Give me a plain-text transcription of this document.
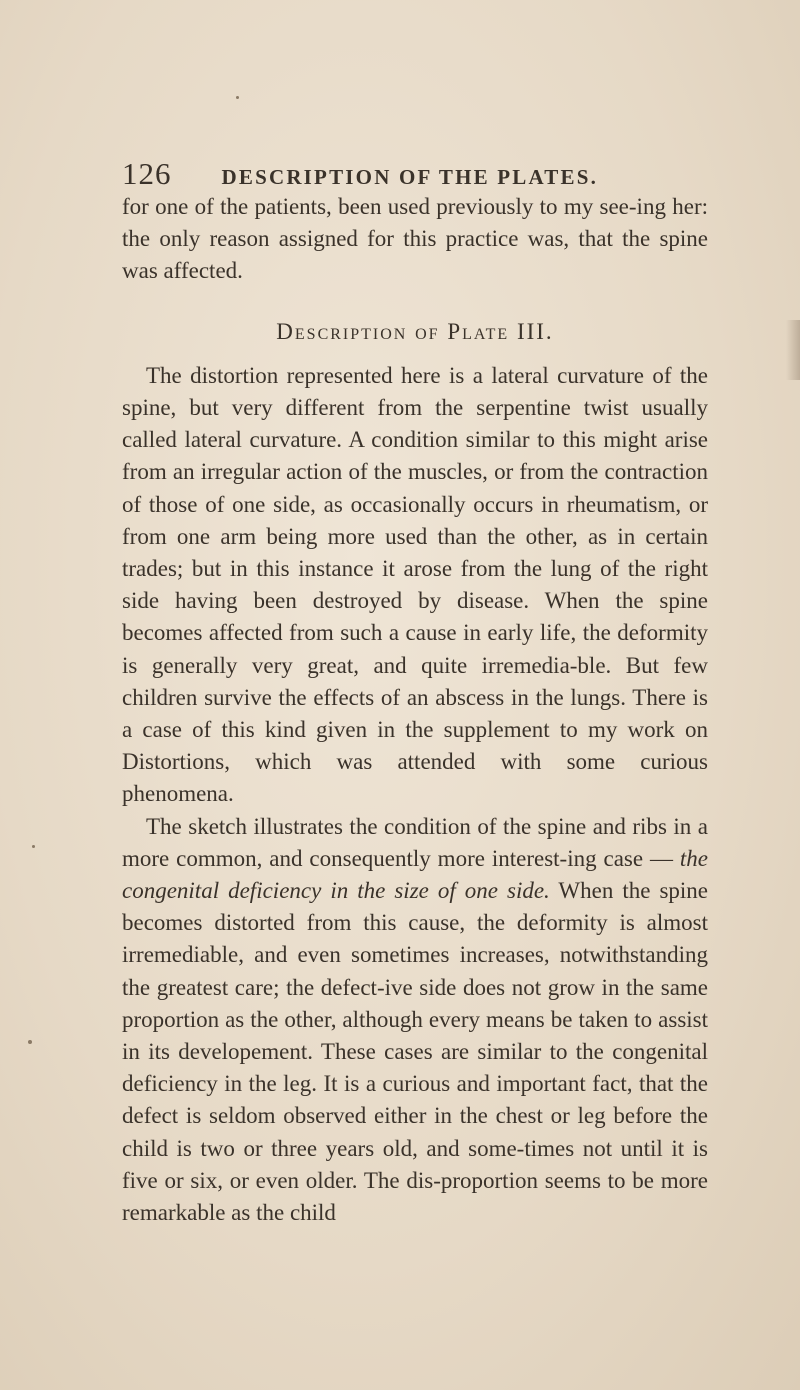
126 DESCRIPTION OF THE PLATES.

for one of the patients, been used previously to my see-ing her: the only reason assigned for this practice was, that the spine was affected.

Description of Plate III.

The distortion represented here is a lateral curvature of the spine, but very different from the serpentine twist usually called lateral curvature. A condition similar to this might arise from an irregular action of the muscles, or from the contraction of those of one side, as occasionally occurs in rheumatism, or from one arm being more used than the other, as in certain trades; but in this instance it arose from the lung of the right side having been destroyed by disease. When the spine becomes affected from such a cause in early life, the deformity is generally very great, and quite irremedia-ble. But few children survive the effects of an abscess in the lungs. There is a case of this kind given in the supplement to my work on Distortions, which was attended with some curious phenomena.

The sketch illustrates the condition of the spine and ribs in a more common, and consequently more interest-ing case — the congenital deficiency in the size of one side. When the spine becomes distorted from this cause, the deformity is almost irremediable, and even sometimes increases, notwithstanding the greatest care; the defect-ive side does not grow in the same proportion as the other, although every means be taken to assist in its developement. These cases are similar to the congenital deficiency in the leg. It is a curious and important fact, that the defect is seldom observed either in the chest or leg before the child is two or three years old, and some-times not until it is five or six, or even older. The dis-proportion seems to be more remarkable as the child
